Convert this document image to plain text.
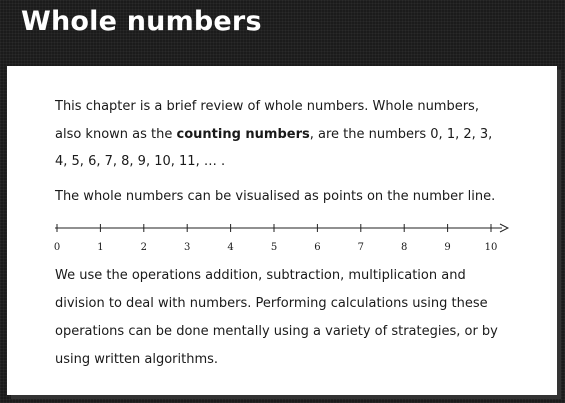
Whole numbers
This chapter is a brief review of whole numbers. Whole numbers, also known as the counting numbers, are the numbers 0, 1, 2, 3, 4, 5, 6, 7, 8, 9, 10, 11, … .
The whole numbers can be visualised as points on the number line.
0	1	2	3	4	5	6	7	8	9	10
We use the operations addition, subtraction, multiplication and division to deal with numbers. Performing calculations using these operations can be done mentally using a variety of strategies, or by using written algorithms.
